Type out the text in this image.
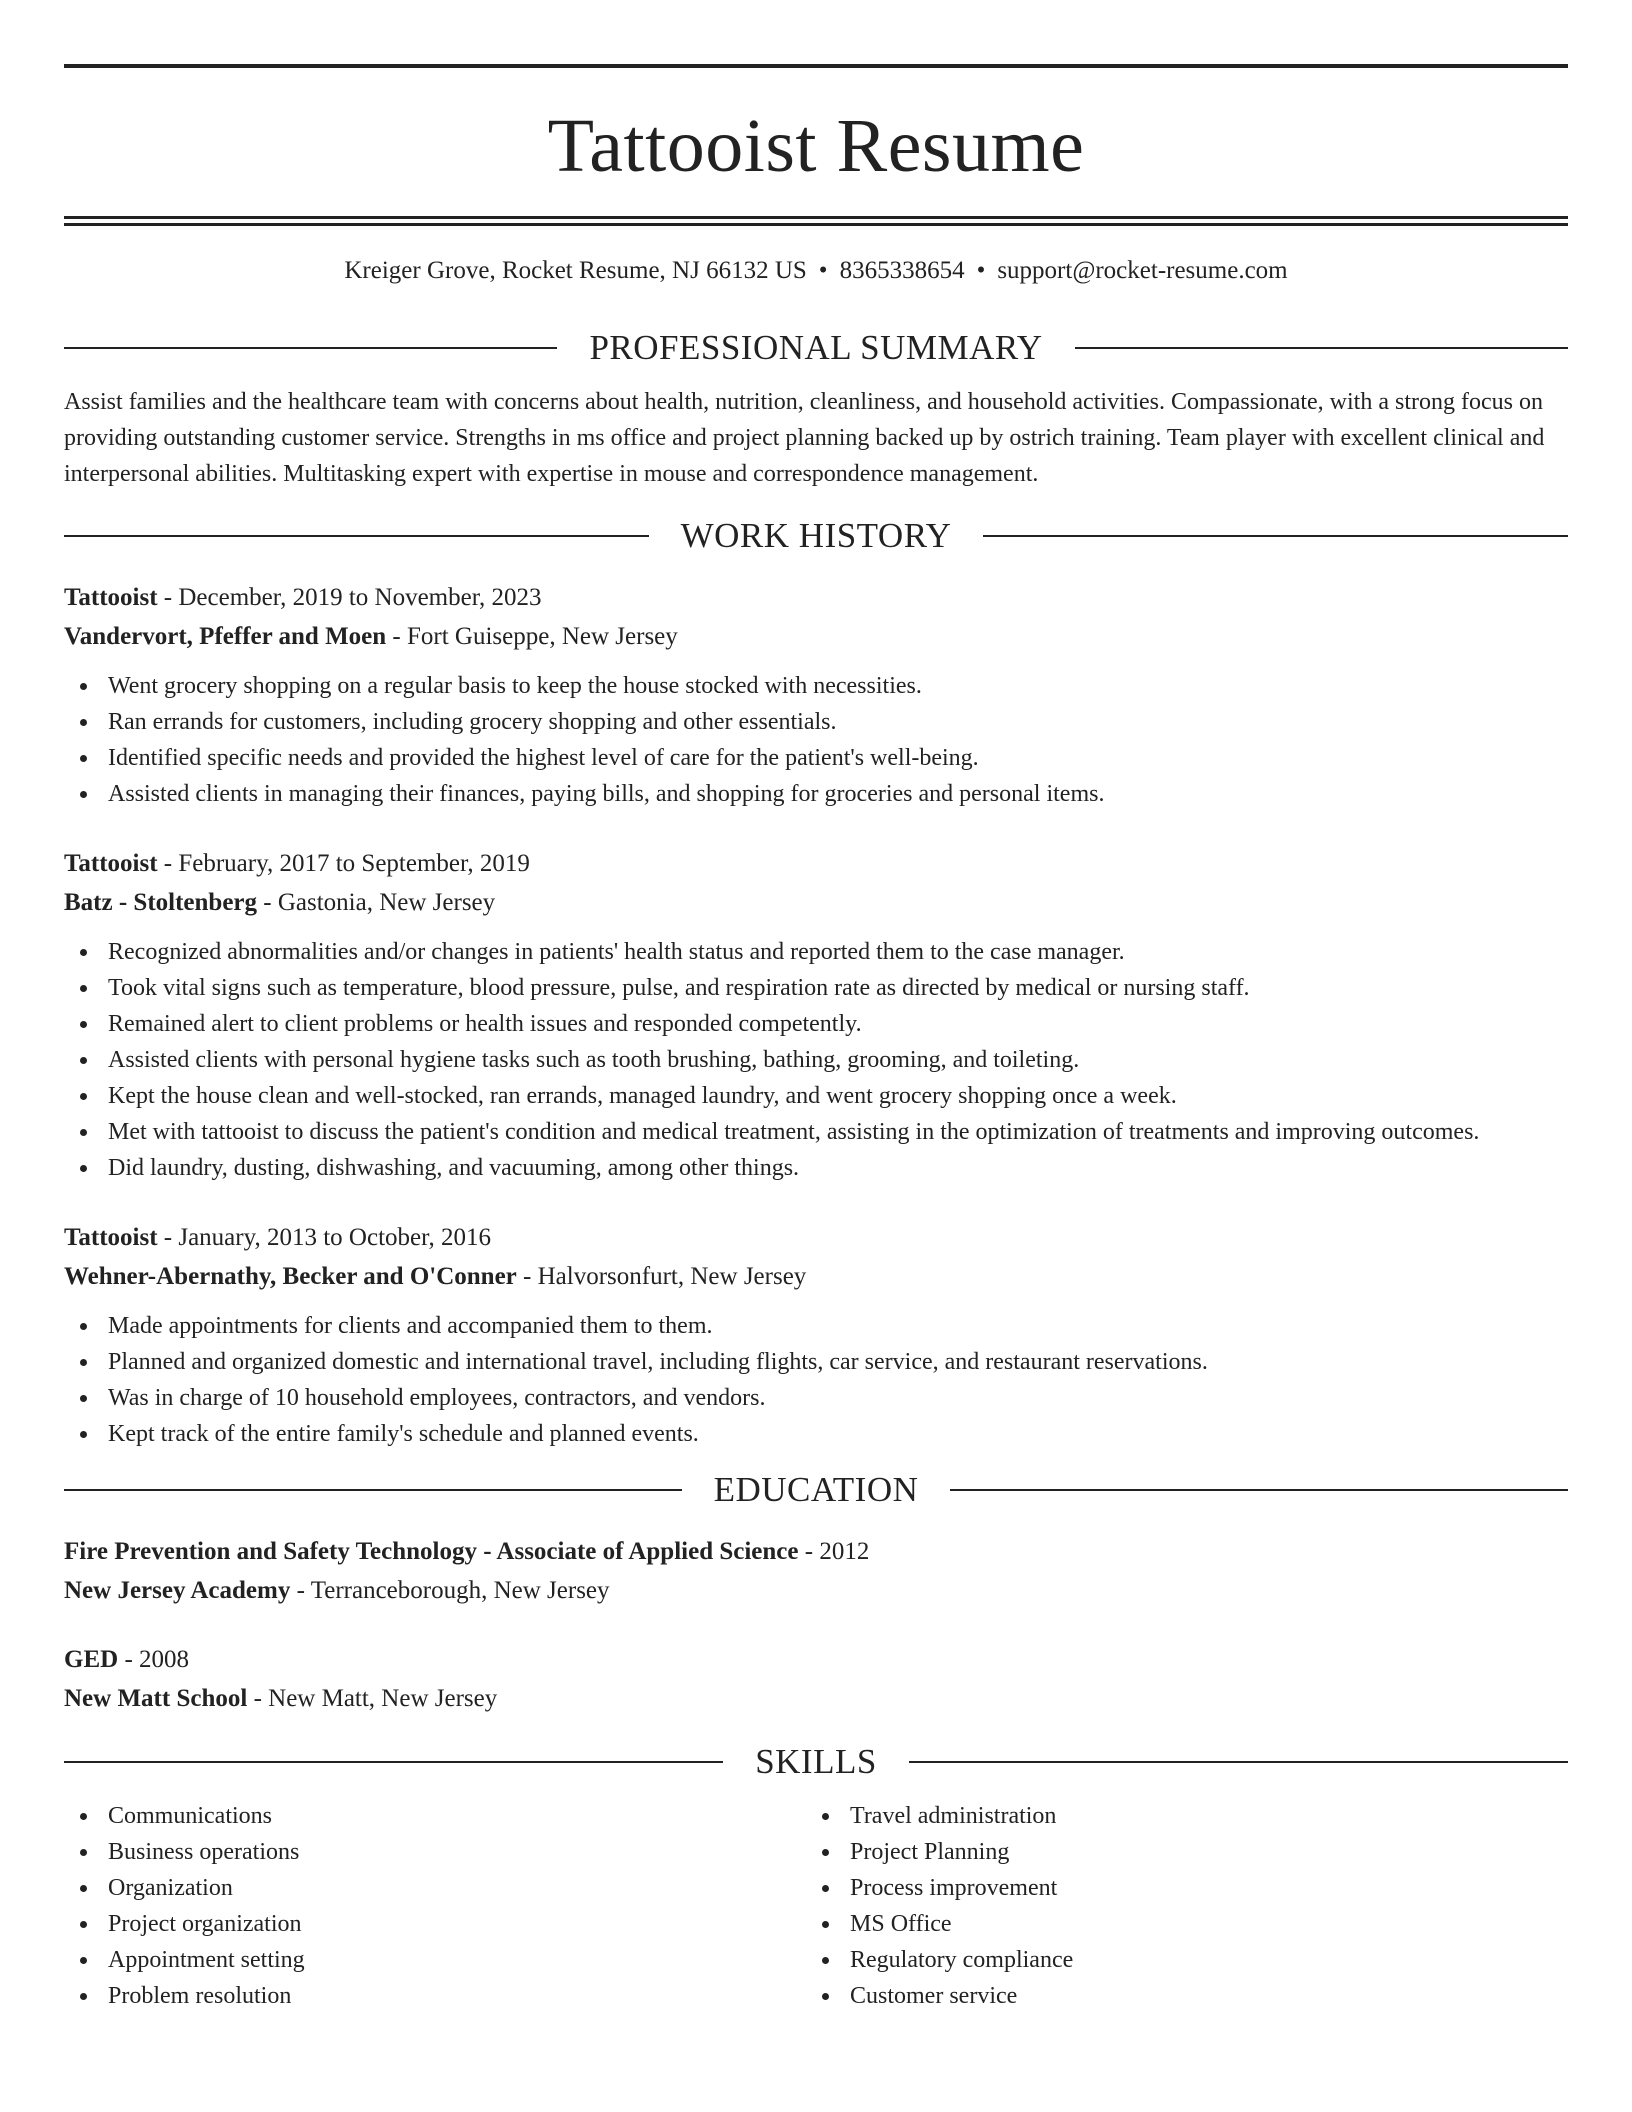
Tattooist Resume
Kreiger Grove, Rocket Resume, NJ 66132 US • 8365338654 • support@rocket-resume.com
PROFESSIONAL SUMMARY
Assist families and the healthcare team with concerns about health, nutrition, cleanliness, and household activities. Compassionate, with a strong focus on providing outstanding customer service. Strengths in ms office and project planning backed up by ostrich training. Team player with excellent clinical and interpersonal abilities. Multitasking expert with expertise in mouse and correspondence management.
WORK HISTORY
Tattooist - December, 2019 to November, 2023
Vandervort, Pfeffer and Moen - Fort Guiseppe, New Jersey
Went grocery shopping on a regular basis to keep the house stocked with necessities.
Ran errands for customers, including grocery shopping and other essentials.
Identified specific needs and provided the highest level of care for the patient's well-being.
Assisted clients in managing their finances, paying bills, and shopping for groceries and personal items.
Tattooist - February, 2017 to September, 2019
Batz - Stoltenberg - Gastonia, New Jersey
Recognized abnormalities and/or changes in patients' health status and reported them to the case manager.
Took vital signs such as temperature, blood pressure, pulse, and respiration rate as directed by medical or nursing staff.
Remained alert to client problems or health issues and responded competently.
Assisted clients with personal hygiene tasks such as tooth brushing, bathing, grooming, and toileting.
Kept the house clean and well-stocked, ran errands, managed laundry, and went grocery shopping once a week.
Met with tattooist to discuss the patient's condition and medical treatment, assisting in the optimization of treatments and improving outcomes.
Did laundry, dusting, dishwashing, and vacuuming, among other things.
Tattooist - January, 2013 to October, 2016
Wehner-Abernathy, Becker and O'Conner - Halvorsonfurt, New Jersey
Made appointments for clients and accompanied them to them.
Planned and organized domestic and international travel, including flights, car service, and restaurant reservations.
Was in charge of 10 household employees, contractors, and vendors.
Kept track of the entire family's schedule and planned events.
EDUCATION
Fire Prevention and Safety Technology - Associate of Applied Science - 2012
New Jersey Academy - Terranceborough, New Jersey
GED - 2008
New Matt School - New Matt, New Jersey
SKILLS
Communications
Business operations
Organization
Project organization
Appointment setting
Problem resolution
Travel administration
Project Planning
Process improvement
MS Office
Regulatory compliance
Customer service
